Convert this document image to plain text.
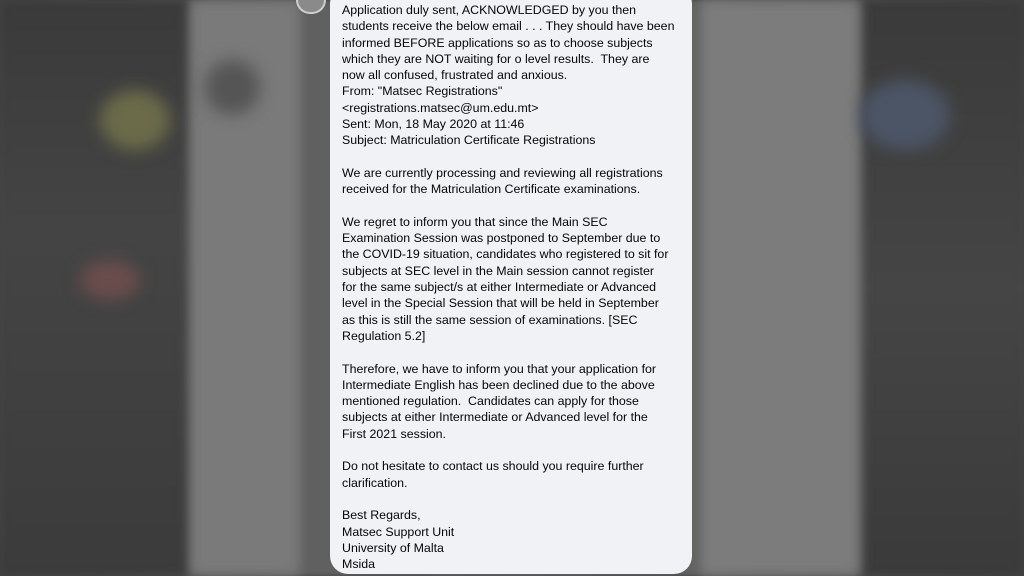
Application duly sent, ACKNOWLEDGED by you then
students receive the below email . . . They should have been
informed BEFORE applications so as to choose subjects
which they are NOT waiting for o level results.  They are
now all confused, frustrated and anxious.
From: "Matsec Registrations"
<registrations.matsec@um.edu.mt>
Sent: Mon, 18 May 2020 at 11:46
Subject: Matriculation Certificate Registrations
We are currently processing and reviewing all registrations
received for the Matriculation Certificate examinations.
We regret to inform you that since the Main SEC
Examination Session was postponed to September due to
the COVID-19 situation, candidates who registered to sit for
subjects at SEC level in the Main session cannot register
for the same subject/s at either Intermediate or Advanced
level in the Special Session that will be held in September
as this is still the same session of examinations. [SEC
Regulation 5.2]
Therefore, we have to inform you that your application for
Intermediate English has been declined due to the above
mentioned regulation.  Candidates can apply for those
subjects at either Intermediate or Advanced level for the
First 2021 session.
Do not hesitate to contact us should you require further
clarification.
Best Regards,
Matsec Support Unit
University of Malta
Msida
